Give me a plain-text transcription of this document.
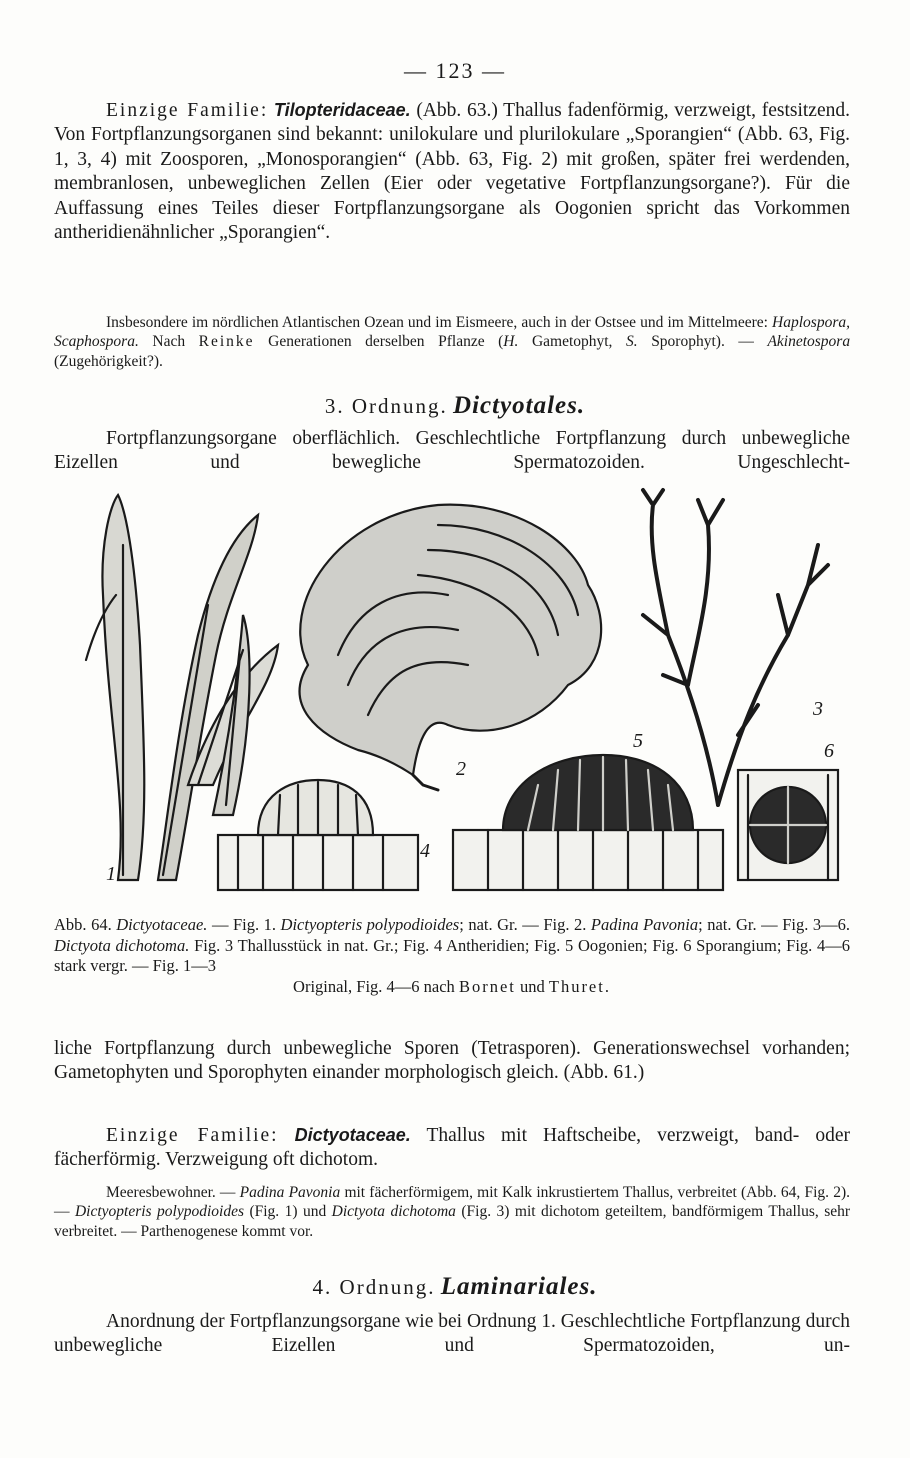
— 123 —
Einzige Familie: Tilopteridaceae. (Abb. 63.) Thallus fadenförmig, verzweigt, festsitzend. Von Fortpflanzungsorganen sind bekannt: unilokulare und plurilokulare „Sporangien“ (Abb. 63, Fig. 1, 3, 4) mit Zoosporen, „Monosporangien“ (Abb. 63, Fig. 2) mit großen, später frei werdenden, membranlosen, unbeweglichen Zellen (Eier oder vegetative Fortpflanzungsorgane?). Für die Auffassung eines Teiles dieser Fortpflanzungsorgane als Oogonien spricht das Vorkommen antheridienähnlicher „Sporangien“.
Insbesondere im nördlichen Atlantischen Ozean und im Eismeere, auch in der Ostsee und im Mittelmeere: Haplospora, Scaphospora. Nach Reinke Generationen derselben Pflanze (H. Gametophyt, S. Sporophyt). — Akinetospora (Zugehörigkeit?).
3. Ordnung. Dictyotales.
Fortpflanzungsorgane oberflächlich. Geschlechtliche Fortpflanzung durch unbewegliche Eizellen und bewegliche Spermatozoiden. Ungeschlecht-
1
2
3
4
5	6
Abb. 64. Dictyotaceae. — Fig. 1. Dictyopteris polypodioides; nat. Gr. — Fig. 2. Padina Pavonia; nat. Gr. — Fig. 3—6. Dictyota dichotoma. Fig. 3 Thallusstück in nat. Gr.; Fig. 4 Antheridien; Fig. 5 Oogonien; Fig. 6 Sporangium; Fig. 4—6 stark vergr. — Fig. 1—3
Original, Fig. 4—6 nach Bornet und Thuret.
liche Fortpflanzung durch unbewegliche Sporen (Tetrasporen). Generationswechsel vorhanden; Gametophyten und Sporophyten einander morphologisch gleich. (Abb. 61.)
Einzige Familie: Dictyotaceae. Thallus mit Haftscheibe, verzweigt, band- oder fächerförmig. Verzweigung oft dichotom.
Meeresbewohner. — Padina Pavonia mit fächerförmigem, mit Kalk inkrustiertem Thallus, verbreitet (Abb. 64, Fig. 2). — Dictyopteris polypodioides (Fig. 1) und Dictyota dichotoma (Fig. 3) mit dichotom geteiltem, bandförmigem Thallus, sehr verbreitet. — Parthenogenese kommt vor.
4. Ordnung. Laminariales.
Anordnung der Fortpflanzungsorgane wie bei Ordnung 1. Geschlechtliche Fortpflanzung durch unbewegliche Eizellen und Spermatozoiden, un-
